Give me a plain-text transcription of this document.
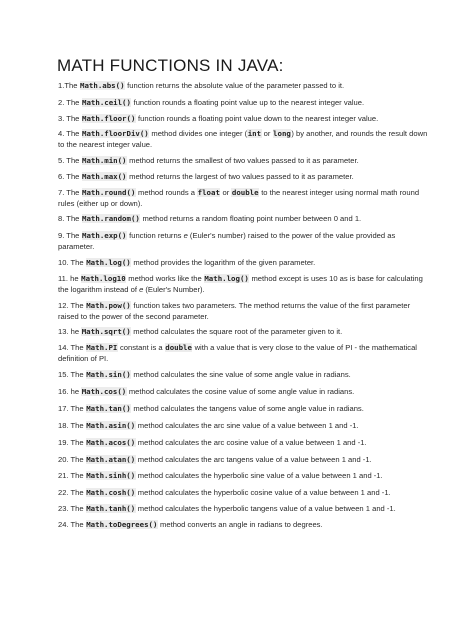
MATH FUNCTIONS IN JAVA:
1.The Math.abs() function returns the absolute value of the parameter passed to it.
2. The Math.ceil() function rounds a floating point value up to the nearest integer value.
3. The Math.floor() function rounds a floating point value down to the nearest integer value.
4. The Math.floorDiv() method divides one integer (int or long) by another, and rounds the result down to the nearest integer value.
5. The Math.min() method returns the smallest of two values passed to it as parameter.
6. The Math.max() method returns the largest of two values passed to it as parameter.
7. The Math.round() method rounds a float or double to the nearest integer using normal math round rules (either up or down).
8. The Math.random() method returns a random floating point number between 0 and 1.
9. The Math.exp() function returns e (Euler's number) raised to the power of the value provided as parameter.
10. The Math.log() method provides the logarithm of the given parameter.
11. he Math.log10 method works like the Math.log() method except is uses 10 as is base for calculating the logarithm instead of e (Euler's Number).
12. The Math.pow() function takes two parameters. The method returns the value of the first parameter raised to the power of the second parameter.
13. he Math.sqrt() method calculates the square root of the parameter given to it.
14. The Math.PI constant is a double with a value that is very close to the value of PI - the mathematical definition of PI.
15. The Math.sin() method calculates the sine value of some angle value in radians.
16. he Math.cos() method calculates the cosine value of some angle value in radians.
17. The Math.tan() method calculates the tangens value of some angle value in radians.
18. The Math.asin() method calculates the arc sine value of a value between 1 and -1.
19. The Math.acos() method calculates the arc cosine value of a value between 1 and -1.
20. The Math.atan() method calculates the arc tangens value of a value between 1 and -1.
21. The Math.sinh() method calculates the hyperbolic sine value of a value between 1 and -1.
22. The Math.cosh() method calculates the hyperbolic cosine value of a value between 1 and -1.
23. The Math.tanh() method calculates the hyperbolic tangens value of a value between 1 and -1.
24. The Math.toDegrees() method converts an angle in radians to degrees.
